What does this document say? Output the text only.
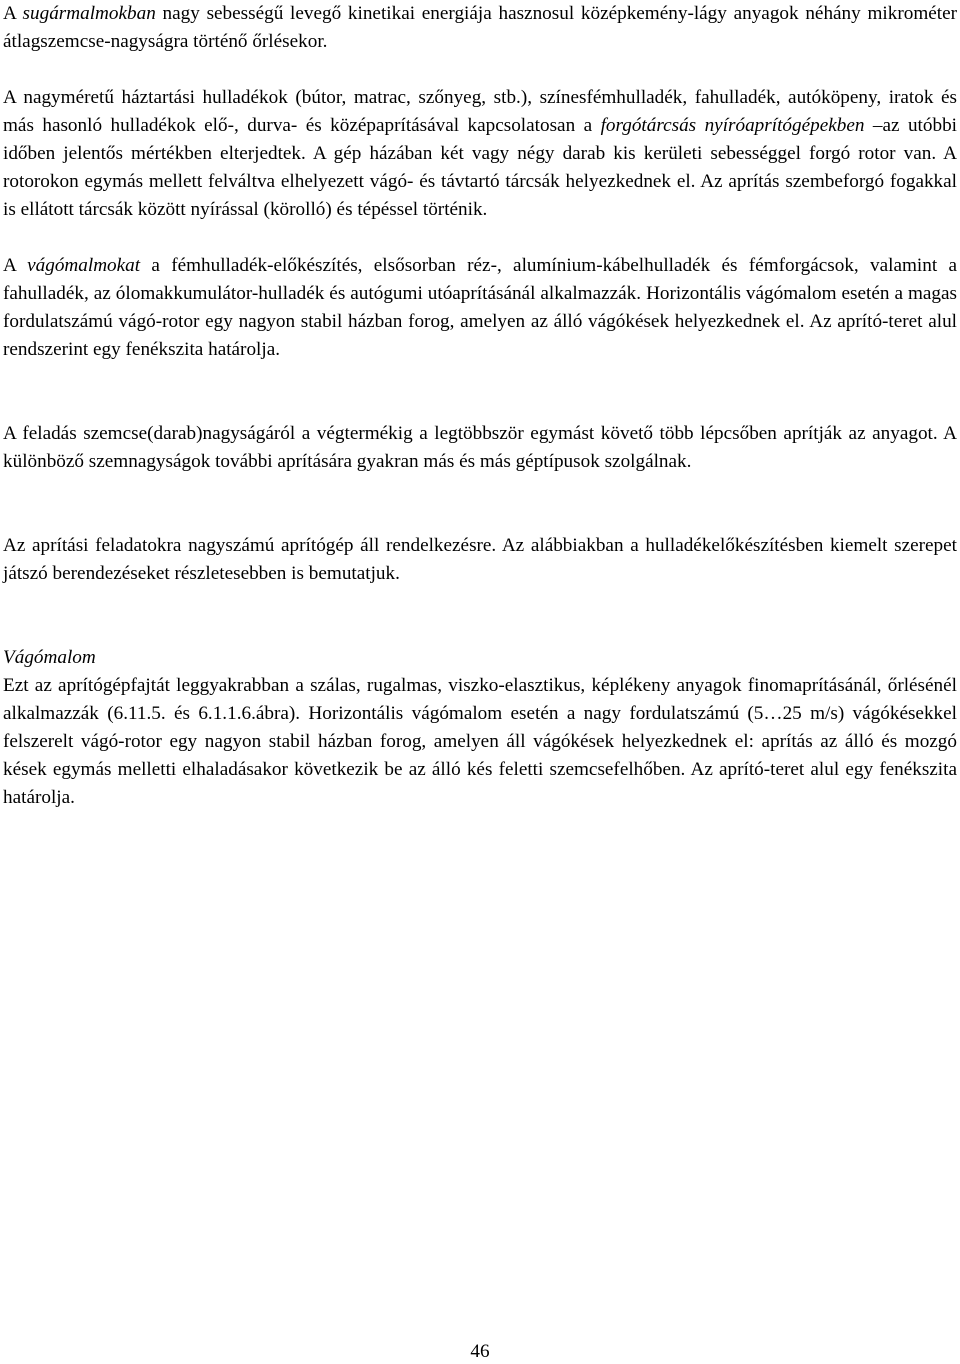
A sugármalmokban nagy sebességű levegő kinetikai energiája hasznosul középkemény-lágy anyagok néhány mikrométer átlagszemcse-nagyságra történő őrlésekor.

A nagyméretű háztartási hulladékok (bútor, matrac, szőnyeg, stb.), színesfémhulladék, fahulladék, autóköpeny, iratok és más hasonló hulladékok elő-, durva- és középaprításával kapcsolatosan a forgótárcsás nyíróaprítógépekben –az utóbbi időben jelentős mértékben elterjedtek. A gép házában két vagy négy darab kis kerületi sebességgel forgó rotor van. A rotorokon egymás mellett felváltva elhelyezett vágó- és távtartó tárcsák helyezkednek el. Az aprítás szembeforgó fogakkal is ellátott tárcsák között nyírással (körolló) és tépéssel történik.

A vágómalmokat a fémhulladék-előkészítés, elsősorban réz-, alumínium-kábelhulladék és fémforgácsok, valamint a fahulladék, az ólomakkumulátor-hulladék és autógumi utóaprításánál alkalmazzák. Horizontális vágómalom esetén a magas fordulatszámú vágó-rotor egy nagyon stabil házban forog, amelyen az álló vágókések helyezkednek el. Az aprító-teret alul rendszerint egy fenékszita határolja.

A feladás szemcse(darab)nagyságáról a végtermékig a legtöbbször egymást követő több lépcsőben aprítják az anyagot. A különböző szemnagyságok további aprítására gyakran más és más géptípusok szolgálnak.

Az aprítási feladatokra nagyszámú aprítógép áll rendelkezésre. Az alábbiakban a hulladékelőkészítésben kiemelt szerepet játszó berendezéseket részletesebben is bemutatjuk.

Vágómalom

Ezt az aprítógépfajtát leggyakrabban a szálas, rugalmas, viszko-elasztikus, képlékeny anyagok finomaprításánál, őrlésénél alkalmazzák (6.11.5. és 6.1.1.6.ábra). Horizontális vágómalom esetén a nagy fordulatszámú (5…25 m/s) vágókésekkel felszerelt vágó-rotor egy nagyon stabil házban forog, amelyen áll vágókések helyezkednek el: aprítás az álló és mozgó kések egymás melletti elhaladásakor következik be az álló kés feletti szemcsefelhőben. Az aprító-teret alul egy fenékszita határolja.

46
